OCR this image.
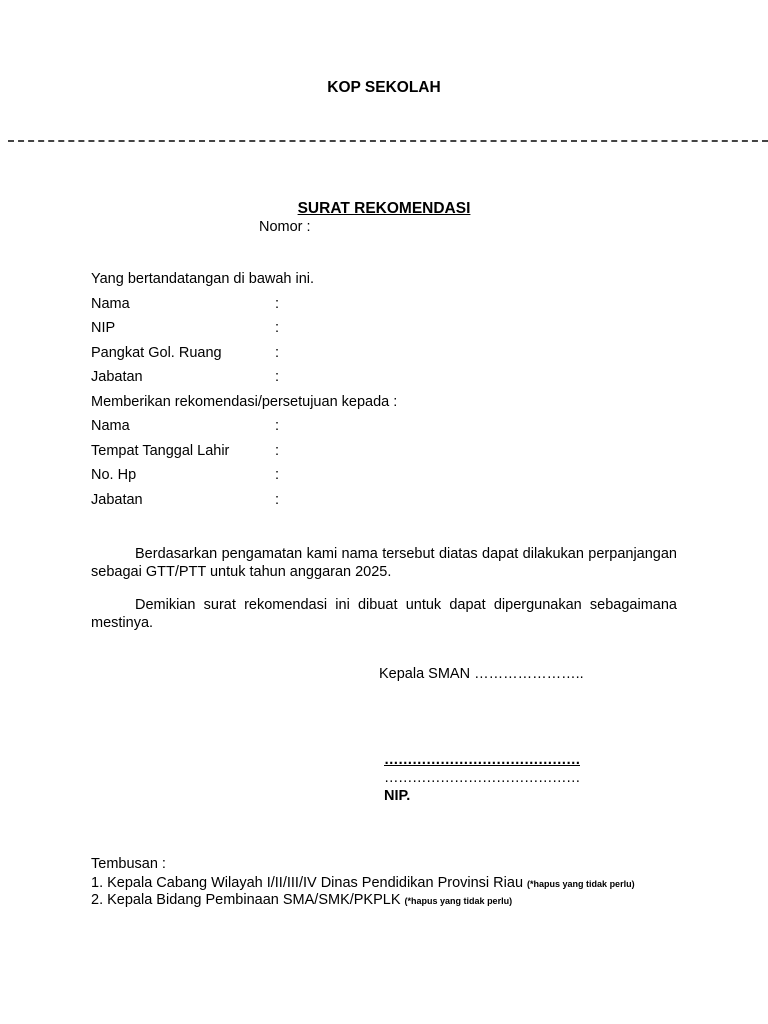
KOP SEKOLAH
SURAT REKOMENDASI
Nomor :
Yang bertandatangan di bawah ini.
Nama	:
NIP	:
Pangkat Gol. Ruang	:
Jabatan	:
Memberikan rekomendasi/persetujuan kepada :
Nama	:
Tempat Tanggal Lahir	:
No. Hp	:
Jabatan	:
Berdasarkan pengamatan kami nama tersebut diatas dapat dilakukan perpanjangan sebagai GTT/PTT untuk tahun anggaran 2025.
Demikian surat rekomendasi ini dibuat untuk dapat dipergunakan sebagaimana mestinya.
Kepala SMAN …………………..
……………………………………
……………………………………
NIP.
Tembusan :
1. Kepala Cabang Wilayah I/II/III/IV Dinas Pendidikan Provinsi Riau (*hapus yang tidak perlu)
2. Kepala Bidang Pembinaan SMA/SMK/PKPLK (*hapus yang tidak perlu)
